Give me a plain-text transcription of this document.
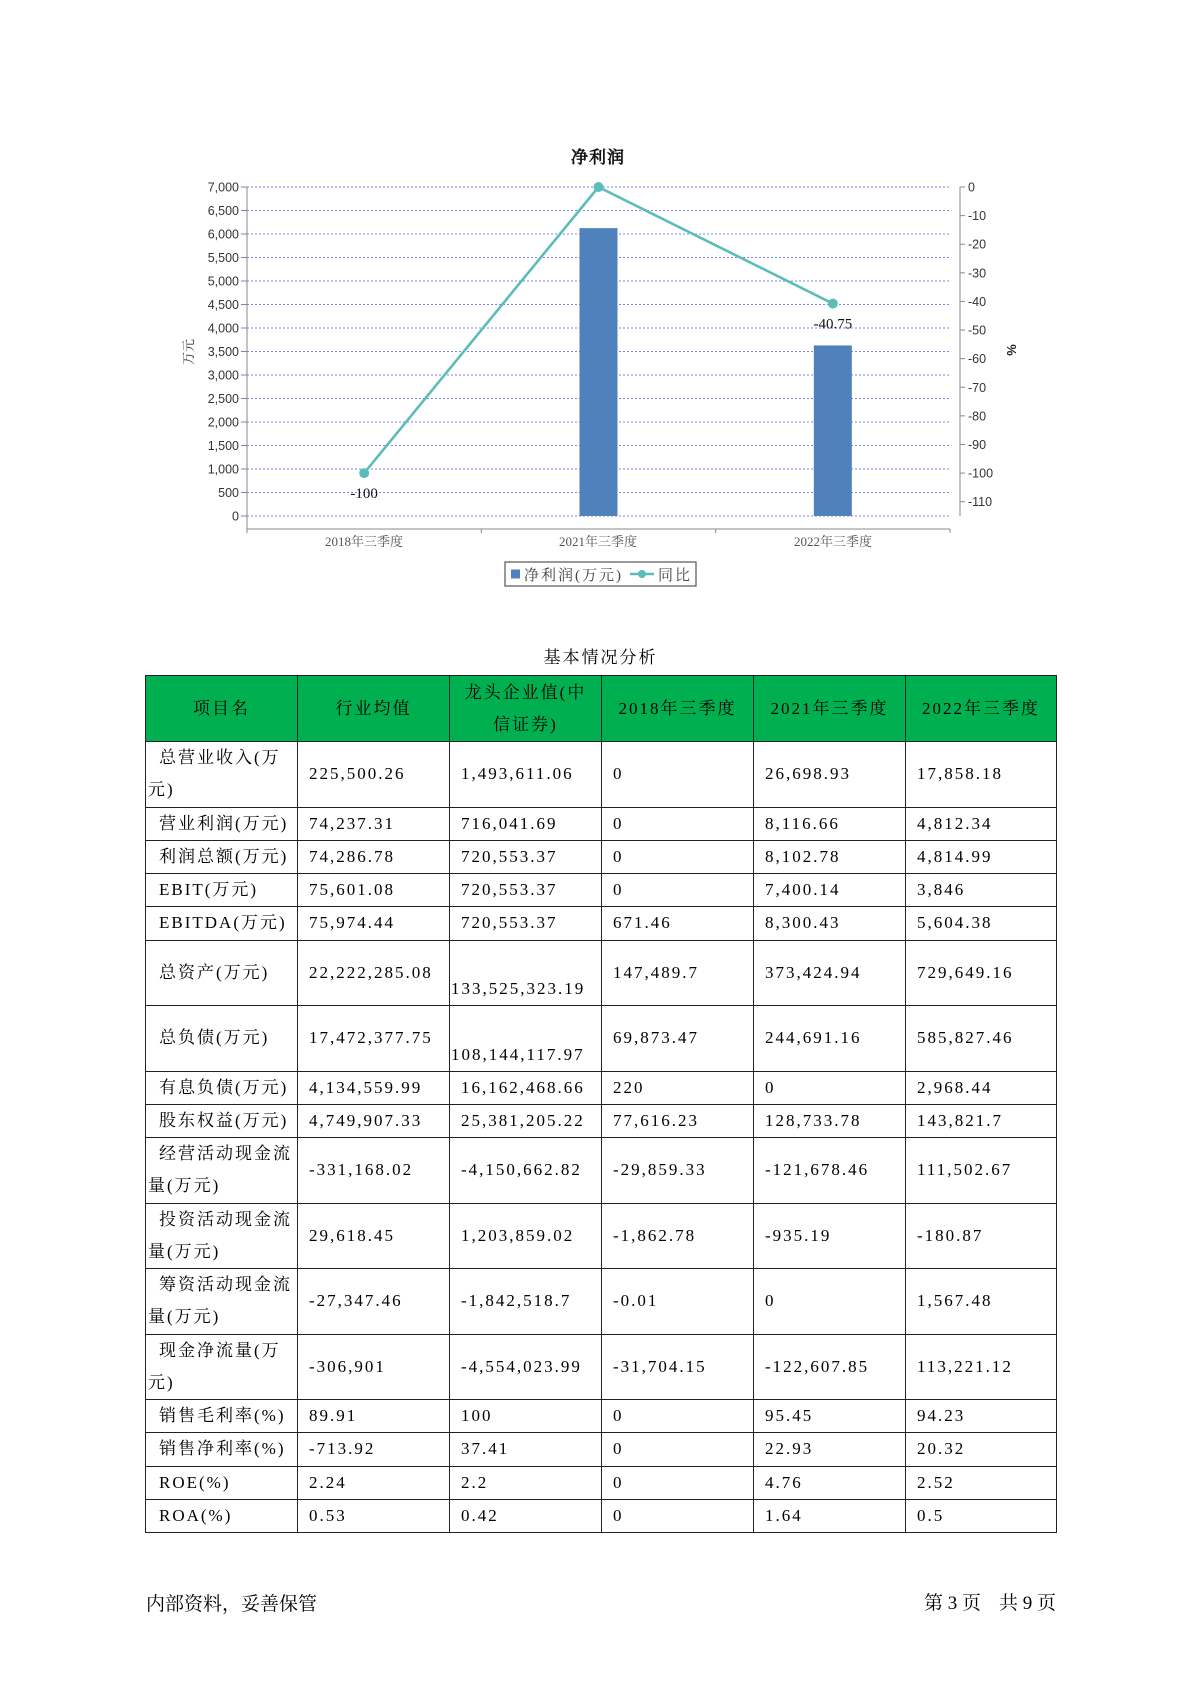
净利润
0
500
1,000
1,500
2,000
2,500
3,000
3,500
4,000
4,500
5,000
5,500
6,000
6,500
7,000	0
-10
-20
-30
-40
-50
-60
-70
-80
-90
-100
-110
-100
-40.75
万元	%
2018年三季度	2021年三季度	2022年三季度
净利润(万元) 同比
基本情况分析
项目名	行业均值	龙头企业值(中信证券)	2018年三季度	2021年三季度	2022年三季度
总营业收入(万元)	225,500.26	1,493,611.06	0	26,698.93	17,858.18
营业利润(万元)	74,237.31	716,041.69	0	8,116.66	4,812.34
利润总额(万元)	74,286.78	720,553.37	0	8,102.78	4,814.99
EBIT(万元)	75,601.08	720,553.37	0	7,400.14	3,846
EBITDA(万元)	75,974.44	720,553.37	671.46	8,300.43	5,604.38
总资产(万元)	22,222,285.08	133,525,323.19	147,489.7	373,424.94	729,649.16
总负债(万元)	17,472,377.75	108,144,117.97	69,873.47	244,691.16	585,827.46
有息负债(万元)	4,134,559.99	16,162,468.66	220	0	2,968.44
股东权益(万元)	4,749,907.33	25,381,205.22	77,616.23	128,733.78	143,821.7
经营活动现金流量(万元)	-331,168.02	-4,150,662.82	-29,859.33	-121,678.46	111,502.67
投资活动现金流量(万元)	29,618.45	1,203,859.02	-1,862.78	-935.19	-180.87
筹资活动现金流量(万元)	-27,347.46	-1,842,518.7	-0.01	0	1,567.48
现金净流量(万元)	-306,901	-4,554,023.99	-31,704.15	-122,607.85	113,221.12
销售毛利率(%)	89.91	100	0	95.45	94.23
销售净利率(%)	-713.92	37.41	0	22.93	20.32
ROE(%)	2.24	2.2	0	4.76	2.52
ROA(%)	0.53	0.42	0	1.64	0.5
内部资料，妥善保管	第 3 页 共 9 页
